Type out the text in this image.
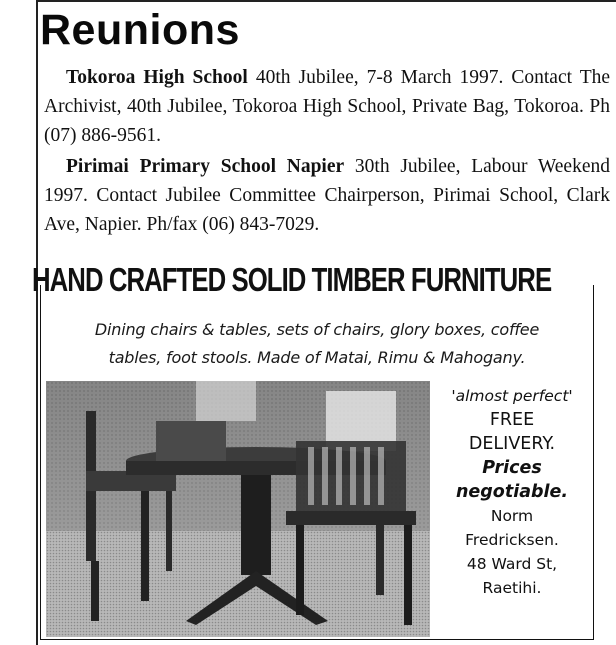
Reunions
Tokoroa High School 40th Jubilee, 7-8 March 1997. Contact The Archivist, 40th Jubilee, Tokoroa High School, Private Bag, Tokoroa. Ph (07) 886-9561.
Pirimai Primary School Napier 30th Jubilee, Labour Weekend 1997. Contact Jubilee Committee Chairperson, Pirimai School, Clark Ave, Napier. Ph/fax (06) 843-7029.
HAND CRAFTED SOLID TIMBER FURNITURE
Dining chairs & tables, sets of chairs, glory boxes, coffee
tables, foot stools. Made of Matai, Rimu & Mahogany.
'almost perfect'
FREE
DELIVERY.
Prices
negotiable.
Norm
Fredricksen.
48 Ward St,
Raetihi.
